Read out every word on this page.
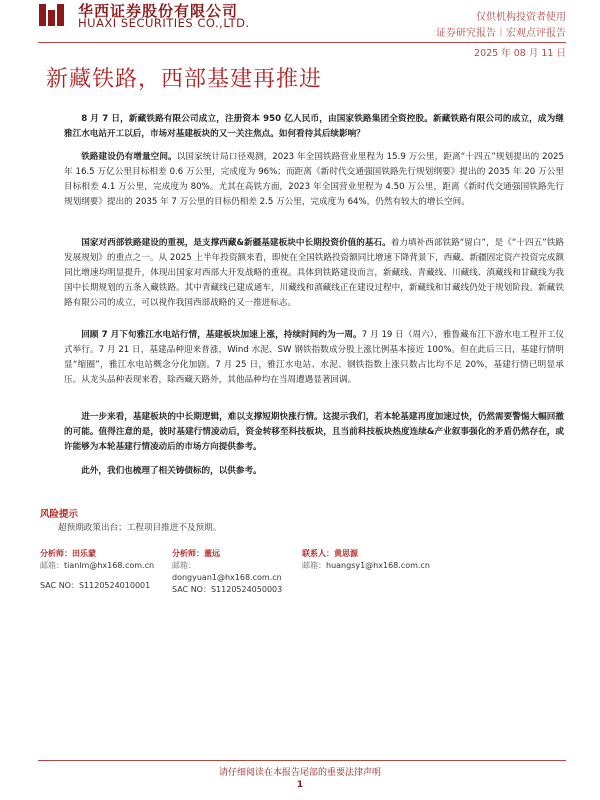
华西证券股份有限公司
HUAXI SECURITIES CO.,LTD.	仅供机构投资者使用
证券研究报告｜宏观点评报告
2025 年 08 月 11 日
新藏铁路，西部基建再推进

8 月 7 日，新藏铁路有限公司成立，注册资本 950 亿人民币，由国家铁路集团全资控股。新藏铁路有限公司的成立，成为继雅江水电站开工以后，市场对基建板块的又一关注焦点。如何看待其后续影响？

铁路建设仍有增量空间。以国家统计局口径观测，2023 年全国铁路营业里程为 15.9 万公里，距离“十四五”规划提出的 2025 年 16.5 万亿公里目标相差 0.6 万公里，完成度为 96%；而距离《新时代交通强国铁路先行规划纲要》提出的 2035 年 20 万公里目标相差 4.1 万公里，完成度为 80%。尤其在高铁方面，2023 年全国营业里程为 4.50 万公里，距离《新时代交通强国铁路先行规划纲要》提出的 2035 年 7 万公里的目标仍相差 2.5 万公里，完成度为 64%，仍然有较大的增长空间。

国家对西部铁路建设的重视，是支撑西藏&新疆基建板块中长期投资价值的基石。着力填补西部铁路“留白”，是《“十四五”铁路发展规划》的重点之一。从 2025 上半年投资额来看，即使在全国铁路投资额同比增速下降背景下，西藏、新疆固定资产投资完成额同比增速均明显提升，体现出国家对西部大开发战略的重视。具体到铁路建设而言，新藏线、青藏线、川藏线、滇藏线和甘藏线为我国中长期规划的五条入藏铁路。其中青藏线已建成通车，川藏线和滇藏线正在建设过程中，新藏线和甘藏线仍处于规划阶段。新藏铁路有限公司的成立，可以视作我国西部战略的又一推进标志。

回顾 7 月下旬雅江水电站行情，基建板块加速上涨，持续时间约为一周。7 月 19 日（周六），雅鲁藏布江下游水电工程开工仪式举行。7 月 21 日，基建品种迎来普涨，Wind 水泥、SW 钢铁指数成分股上涨比例基本接近 100%。但在此后三日，基建行情明显“缩圈”，雅江水电站概念分化加剧。7 月 25 日，雅江水电站、水泥、钢铁指数上涨只数占比均不足 20%，基建行情已明显承压。从龙头品种表现来看，除西藏天路外，其他品种均在当周遭遇显著回调。

进一步来看，基建板块的中长期逻辑，难以支撑短期快涨行情。这提示我们，若本轮基建再度加速过快，仍然需要警惕大幅回撤的可能。值得注意的是，彼时基建行情凌动后，资金转移至科技板块，且当前科技板块热度连续&产业叙事强化的矛盾仍然存在，或许能够为本轮基建行情凌动后的市场方向提供参考。

此外，我们也梳理了相关铸债标的，以供参考。

风险提示
超预期政策出台；工程项目推进不及预期。
分析师：田乐蒙
邮箱：tianlm@hx168.com.cn
SAC NO：S1120524010001
分析师：董远
邮箱：
dongyuan1@hx168.com.cn
SAC NO：S1120524050003
联系人：黄思源
邮箱：huangsy1@hx168.com.cn
请仔细阅读在本报告尾部的重要法律声明
1
